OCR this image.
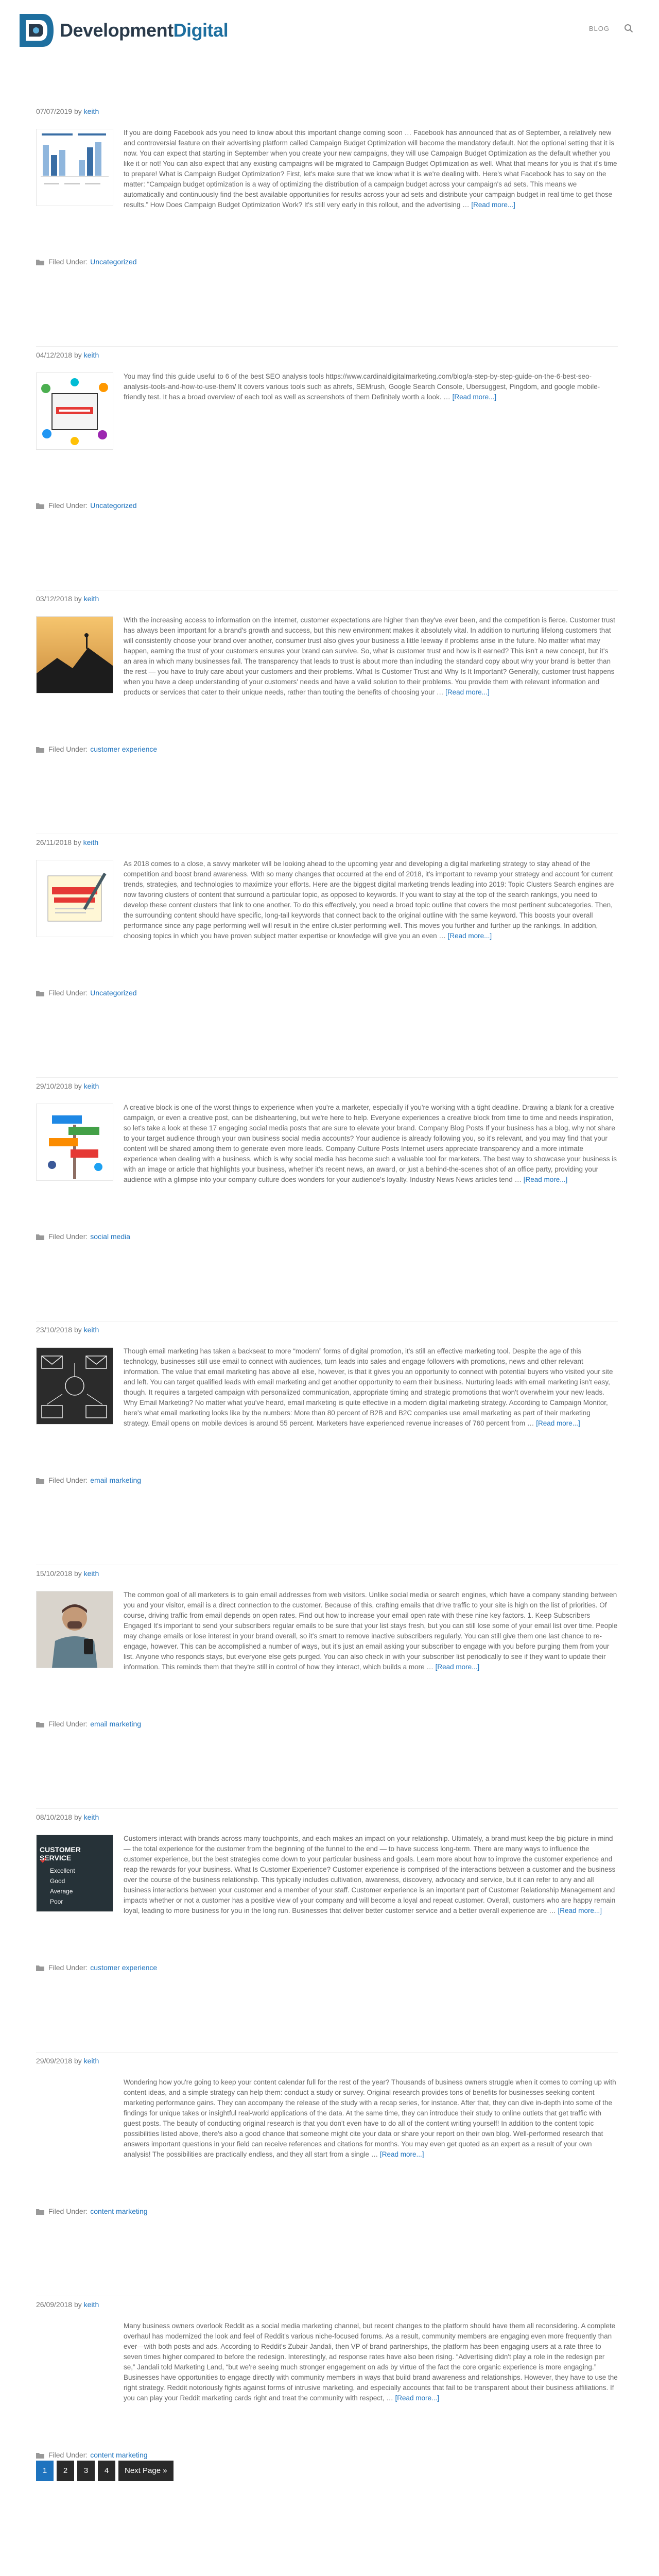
DevelopmentDigital	BLOG
07/07/2019 by keith
If you are doing Facebook ads you need to know about this important change coming soon … Facebook has announced that as of September, a relatively new and controversial feature on their advertising platform called Campaign Budget Optimization will become the mandatory default. Not the optional setting that it is now. You can expect that starting in September when you create your new campaigns, they will use Campaign Budget Optimization as the default whether you like it or not! You can also expect that any existing campaigns will be migrated to Campaign Budget Optimization as well. What that means for you is that it's time to prepare! What is Campaign Budget Optimization? First, let's make sure that we know what it is we're dealing with. Here's what Facebook has to say on the matter: “Campaign budget optimization is a way of optimizing the distribution of a campaign budget across your campaign's ad sets. This means we automatically and continuously find the best available opportunities for results across your ad sets and distribute your campaign budget in real time to get those results.” How Does Campaign Budget Optimization Work? It's still very early in this rollout, and the advertising … [Read more...]
Filed Under: Uncategorized
04/12/2018 by keith
You may find this guide useful to 6 of the best SEO analysis tools https://www.cardinaldigitalmarketing.com/blog/a-step-by-step-guide-on-the-6-best-seo-analysis-tools-and-how-to-use-them/ It covers various tools such as ahrefs, SEMrush, Google Search Console, Ubersuggest, Pingdom, and google mobile-friendly test. It has a broad overview of each tool as well as screenshots of them Definitely worth a look. … [Read more...]
Filed Under: Uncategorized
03/12/2018 by keith
With the increasing access to information on the internet, customer expectations are higher than they've ever been, and the competition is fierce. Customer trust has always been important for a brand's growth and success, but this new environment makes it absolutely vital. In addition to nurturing lifelong customers that will consistently choose your brand over another, consumer trust also gives your business a little leeway if problems arise in the future. No matter what may happen, earning the trust of your customers ensures your brand can survive. So, what is customer trust and how is it earned? This isn't a new concept, but it's an area in which many businesses fail. The transparency that leads to trust is about more than including the standard copy about why your brand is better than the rest — you have to truly care about your customers and their problems. What Is Customer Trust and Why Is It Important? Generally, customer trust happens when you have a deep understanding of your customers' needs and have a valid solution to their problems. You provide them with relevant information and products or services that cater to their unique needs, rather than touting the benefits of choosing your … [Read more...]
Filed Under: customer experience
26/11/2018 by keith
As 2018 comes to a close, a savvy marketer will be looking ahead to the upcoming year and developing a digital marketing strategy to stay ahead of the competition and boost brand awareness. With so many changes that occurred at the end of 2018, it's important to revamp your strategy and account for current trends, strategies, and technologies to maximize your efforts. Here are the biggest digital marketing trends leading into 2019: Topic Clusters Search engines are now favoring clusters of content that surround a particular topic, as opposed to keywords. If you want to stay at the top of the search rankings, you need to develop these content clusters that link to one another. To do this effectively, you need a broad topic outline that covers the most pertinent subcategories. Then, the surrounding content should have specific, long-tail keywords that connect back to the original outline with the same keyword. This boosts your overall performance since any page performing well will result in the entire cluster performing well. This moves you further and further up the rankings. In addition, choosing topics in which you have proven subject matter expertise or knowledge will give you an even … [Read more...]
Filed Under: Uncategorized
29/10/2018 by keith
A creative block is one of the worst things to experience when you're a marketer, especially if you're working with a tight deadline. Drawing a blank for a creative campaign, or even a creative post, can be disheartening, but we're here to help. Everyone experiences a creative block from time to time and needs inspiration, so let's take a look at these 17 engaging social media posts that are sure to elevate your brand. Company Blog Posts If your business has a blog, why not share to your target audience through your own business social media accounts? Your audience is already following you, so it's relevant, and you may find that your content will be shared among them to generate even more leads. Company Culture Posts Internet users appreciate transparency and a more intimate experience when dealing with a business, which is why social media has become such a valuable tool for marketers. The best way to showcase your business is with an image or article that highlights your business, whether it's recent news, an award, or just a behind-the-scenes shot of an office party, providing your audience with a glimpse into your company culture does wonders for your audience's loyalty. Industry News News articles tend … [Read more...]
Filed Under: social media
23/10/2018 by keith
Though email marketing has taken a backseat to more “modern” forms of digital promotion, it's still an effective marketing tool. Despite the age of this technology, businesses still use email to connect with audiences, turn leads into sales and engage followers with promotions, news and other relevant information. The value that email marketing has above all else, however, is that it gives you an opportunity to connect with potential buyers who visited your site and left. You can target qualified leads with email marketing and get another opportunity to earn their business. Nurturing leads with email marketing isn't easy, though. It requires a targeted campaign with personalized communication, appropriate timing and strategic promotions that won't overwhelm your new leads. Why Email Marketing? No matter what you've heard, email marketing is quite effective in a modern digital marketing strategy. According to Campaign Monitor, here's what email marketing looks like by the numbers: More than 80 percent of B2B and B2C companies use email marketing as part of their marketing strategy. Email opens on mobile devices is around 55 percent. Marketers have experienced revenue increases of 760 percent from … [Read more...]
Filed Under: email marketing
15/10/2018 by keith
The common goal of all marketers is to gain email addresses from web visitors. Unlike social media or search engines, which have a company standing between you and your visitor, email is a direct connection to the customer. Because of this, crafting emails that drive traffic to your site is high on the list of priorities. Of course, driving traffic from email depends on open rates. Find out how to increase your email open rate with these nine key factors. 1. Keep Subscribers Engaged It's important to send your subscribers regular emails to be sure that your list stays fresh, but you can still lose some of your email list over time. People may change emails or lose interest in your brand overall, so it's smart to remove inactive subscribers regularly. You can still give them one last chance to re-engage, however. This can be accomplished a number of ways, but it's just an email asking your subscriber to engage with you before purging them from your list. Anyone who responds stays, but everyone else gets purged. You can also check in with your subscriber list periodically to see if they want to update their information. This reminds them that they're still in control of how they interact, which builds a more … [Read more...]
Filed Under: email marketing
08/10/2018 by keith
CUSTOMER SERVICE
Excellent
Good
Average
Poor
Customers interact with brands across many touchpoints, and each makes an impact on your relationship. Ultimately, a brand must keep the big picture in mind — the total experience for the customer from the beginning of the funnel to the end — to have success long-term. There are many ways to influence the customer experience, but the best strategies come down to your particular business and goals. Learn more about how to improve the customer experience and reap the rewards for your business. What Is Customer Experience? Customer experience is comprised of the interactions between a customer and the business over the course of the business relationship. This typically includes cultivation, awareness, discovery, advocacy and service, but it can refer to any and all business interactions between your customer and a member of your staff. Customer experience is an important part of Customer Relationship Management and impacts whether or not a customer has a positive view of your company and will become a loyal and repeat customer. Overall, customers who are happy remain loyal, leading to more business for you in the long run. Businesses that deliver better customer service and a better overall experience are … [Read more...]
Filed Under: customer experience
29/09/2018 by keith
Wondering how you're going to keep your content calendar full for the rest of the year? Thousands of business owners struggle when it comes to coming up with content ideas, and a simple strategy can help them: conduct a study or survey. Original research provides tons of benefits for businesses seeking content marketing performance gains. They can accompany the release of the study with a recap series, for instance. After that, they can dive in-depth into some of the findings for unique takes or insightful real-world applications of the data. At the same time, they can introduce their study to online outlets that get traffic with guest posts. The beauty of conducting original research is that you don't even have to do all of the content writing yourself! In addition to the content topic possibilities listed above, there's also a good chance that someone might cite your data or share your report on their own blog. Well-performed research that answers important questions in your field can receive references and citations for months. You may even get quoted as an expert as a result of your own analysis! The possibilities are practically endless, and they all start from a single … [Read more...]
Filed Under: content marketing
26/09/2018 by keith
Many business owners overlook Reddit as a social media marketing channel, but recent changes to the platform should have them all reconsidering. A complete overhaul has modernized the look and feel of Reddit's various niche-focused forums. As a result, community members are engaging even more frequently than ever—with both posts and ads. According to Reddit's Zubair Jandali, then VP of brand partnerships, the platform has been engaging users at a rate three to seven times higher compared to before the redesign. Interestingly, ad response rates have also been rising. “Advertising didn't play a role in the redesign per se,” Jandali told Marketing Land, “but we're seeing much stronger engagement on ads by virtue of the fact the core organic experience is more engaging.” Businesses have opportunities to engage directly with community members in ways that build brand awareness and relationships. However, they have to use the right strategy. Reddit notoriously fights against forms of intrusive marketing, and especially accounts that fail to be transparent about their business affiliations. If you can play your Reddit marketing cards right and treat the community with respect, … [Read more...]
Filed Under: content marketing
1	2	3	4	Next Page »
